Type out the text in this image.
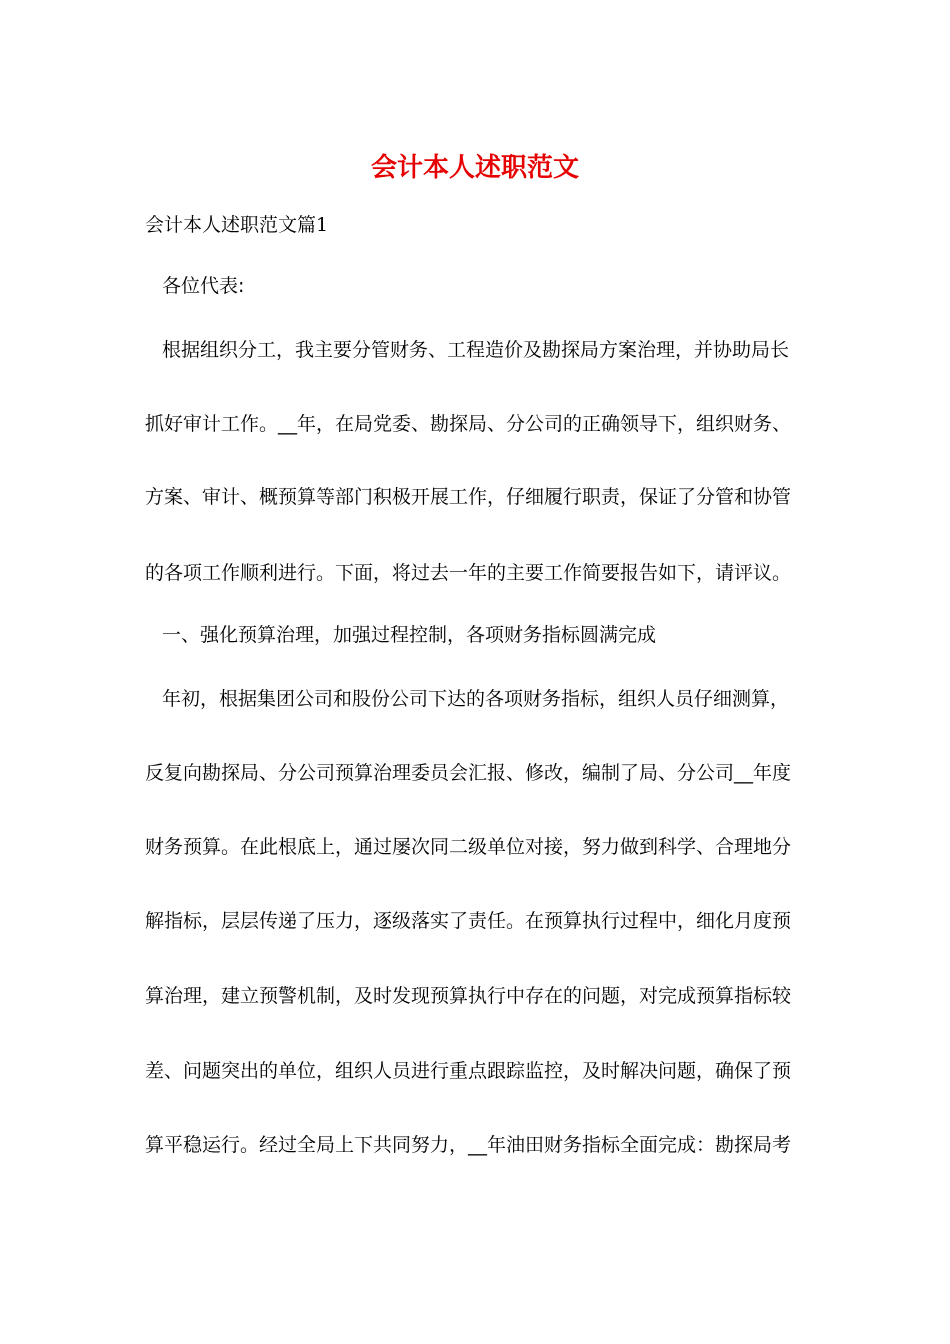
会计本人述职范文

会计本人述职范文篇1

各位代表:

根据组织分工，我主要分管财务、工程造价及勘探局方案治理，并协助局长

抓好审计工作。__年，在局党委、勘探局、分公司的正确领导下，组织财务、

方案、审计、概预算等部门积极开展工作，仔细履行职责，保证了分管和协管

的各项工作顺利进行。下面，将过去一年的主要工作简要报告如下，请评议。

一、强化预算治理，加强过程控制，各项财务指标圆满完成

年初，根据集团公司和股份公司下达的各项财务指标，组织人员仔细测算，

反复向勘探局、分公司预算治理委员会汇报、修改，编制了局、分公司__年度

财务预算。在此根底上，通过屡次同二级单位对接，努力做到科学、合理地分

解指标，层层传递了压力，逐级落实了责任。在预算执行过程中，细化月度预

算治理，建立预警机制，及时发现预算执行中存在的问题，对完成预算指标较

差、问题突出的单位，组织人员进行重点跟踪监控，及时解决问题，确保了预

算平稳运行。经过全局上下共同努力，__年油田财务指标全面完成：勘探局考
